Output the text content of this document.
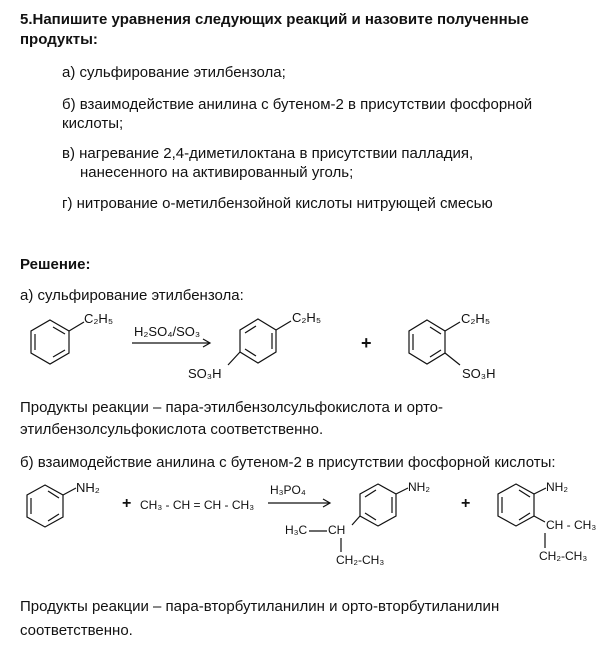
5.Напишите уравнения следующих реакций и назовите полученные
продукты:
а) сульфирование этилбензола;
б) взаимодействие анилина с бутеном-2 в присутствии фосфорной
кислоты;
в) нагревание 2,4-диметилоктана в присутствии палладия,
нанесенного на активированный уголь;
г) нитрование о-метилбензойной кислоты нитрующей смесью
Решение:
а) сульфирование этилбензола:
C₂H₅
H₂SO₄/SO₃
C₂H₅
SO₃H
+
C₂H₅
SO₃H
Продукты реакции – пара-этилбензолсульфокислота и орто-
этилбензолсульфокислота соответственно.
б) взаимодействие анилина с бутеном-2 в присутствии фосфорной кислоты:
NH₂
+ CH₃ - CH = CH - CH₃
H₃PO₄	NH₂
H₃C CH
CH₂-CH₃
+
NH₂
CH - CH₃
CH₂-CH₃
Продукты реакции – пара-вторбутиланилин и орто-вторбутиланилин
соответственно.
